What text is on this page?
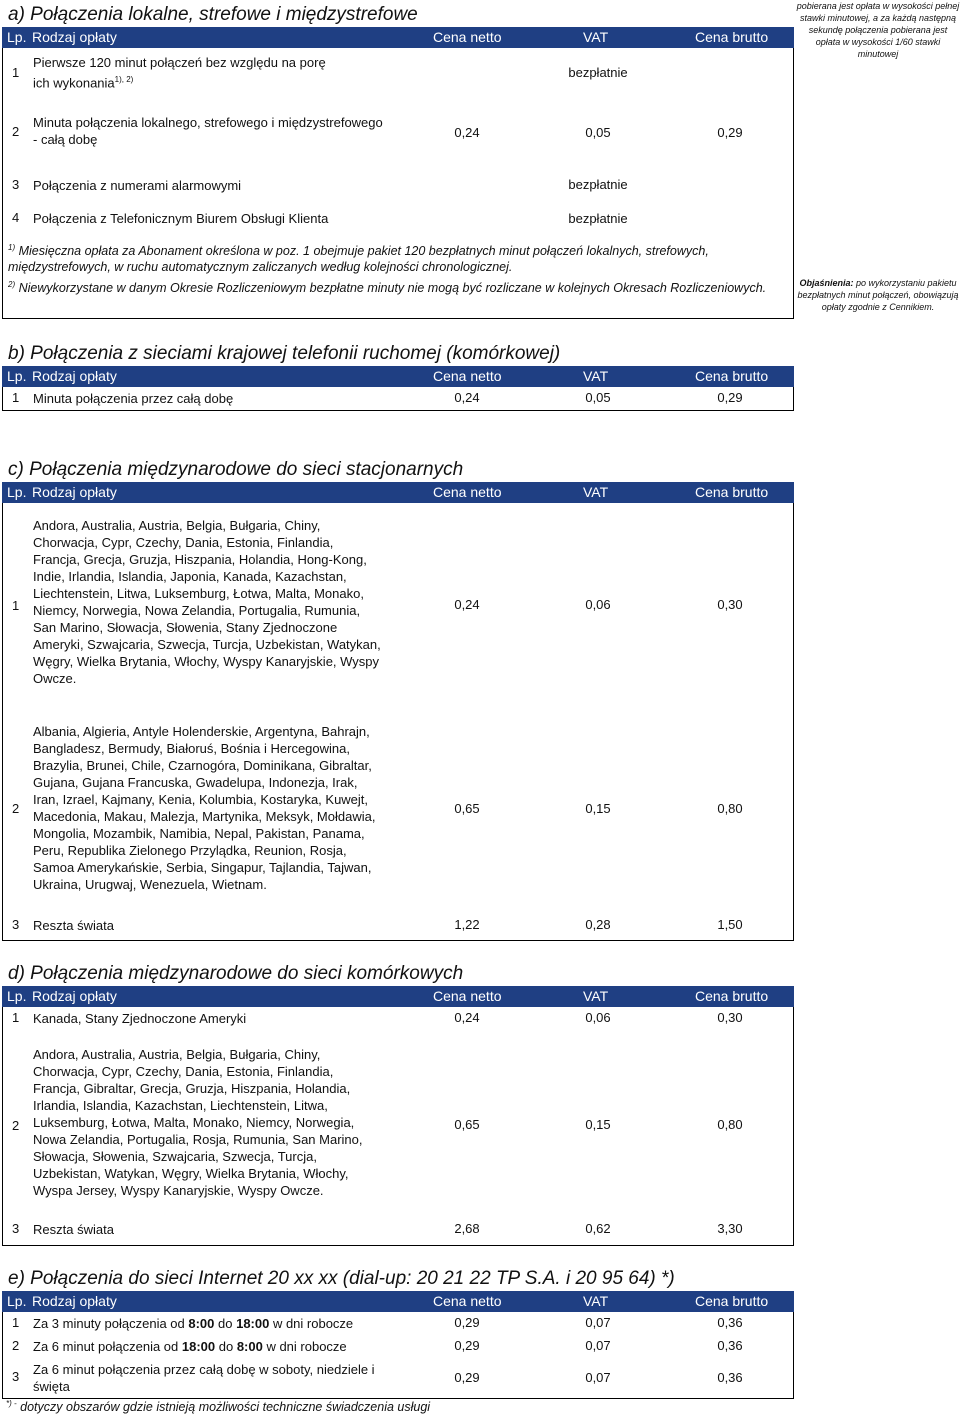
a) Połączenia lokalne, strefowe i międzystrefowe	pobierana jest opłata w wysokości pełnej stawki minutowej, a za każdą następną sekundę połączenia pobierana jest opłata w wysokości 1/60 stawki minutowej
Lp. Rodzaj opłaty	Cena netto	VAT	Cena brutto
1
Pierwsze 120 minut połączeń bez względu na porę
ich wykonania$^{1), 2)}$	bezpłatnie
2
Minuta połączenia lokalnego, strefowego i międzystrefowego
- całą dobę	0,24	0,05	0,29
3 Połączenia z numerami alarmowymi	bezpłatnie
4 Połączenia z Telefonicznym Biurem Obsługi Klienta	bezpłatnie
$^{1)}$ Miesięczna opłata za Abonament określona w poz. 1 obejmuje pakiet 120 bezpłatnych minut połączeń lokalnych, strefowych, międzystrefowych, w ruchu automatycznym zaliczanych według kolejności chronologicznej.
$^{2)}$ Niewykorzystane w danym Okresie Rozliczeniowym bezpłatne minuty nie mogą być rozliczane w kolejnych Okresach Rozliczeniowych.	Objaśnienia: po wykorzystaniu pakietu bezpłatnych minut połączeń, obowiązują opłaty zgodnie z Cennikiem.
b) Połączenia z sieciami krajowej telefonii ruchomej (komórkowej)
Lp. Rodzaj opłaty	Cena netto	VAT	Cena brutto
1 Minuta połączenia przez całą dobę	0,24	0,05	0,29
c) Połączenia międzynarodowe do sieci stacjonarnych
Lp. Rodzaj opłaty	Cena netto	VAT	Cena brutto
1
Andora, Australia, Austria, Belgia, Bułgaria, Chiny,
Chorwacja, Cypr, Czechy, Dania, Estonia, Finlandia,
Francja, Grecja, Gruzja, Hiszpania, Holandia, Hong-Kong,
Indie, Irlandia, Islandia, Japonia, Kanada, Kazachstan,
Liechtenstein, Litwa, Luksemburg, Łotwa, Malta, Monako,
Niemcy, Norwegia, Nowa Zelandia, Portugalia, Rumunia,
San Marino, Słowacja, Słowenia, Stany Zjednoczone
Ameryki, Szwajcaria, Szwecja, Turcja, Uzbekistan, Watykan,
Węgry, Wielka Brytania, Włochy, Wyspy Kanaryjskie, Wyspy
Owcze.
0,24	0,06	0,30
2
Albania, Algieria, Antyle Holenderskie, Argentyna, Bahrajn,
Bangladesz, Bermudy, Białoruś, Bośnia i Hercegowina,
Brazylia, Brunei, Chile, Czarnogóra, Dominikana, Gibraltar,
Gujana, Gujana Francuska, Gwadelupa, Indonezja, Irak,
Iran, Izrael, Kajmany, Kenia, Kolumbia, Kostaryka, Kuwejt,
Macedonia, Makau, Malezja, Martynika, Meksyk, Mołdawia,
Mongolia, Mozambik, Namibia, Nepal, Pakistan, Panama,
Peru, Republika Zielonego Przylądka, Reunion, Rosja,
Samoa Amerykańskie, Serbia, Singapur, Tajlandia, Tajwan,
Ukraina, Urugwaj, Wenezuela, Wietnam.
0,65	0,15	0,80
3 Reszta świata	1,22	0,28	1,50
d) Połączenia międzynarodowe do sieci komórkowych
Lp. Rodzaj opłaty	Cena netto	VAT	Cena brutto
1 Kanada, Stany Zjednoczone Ameryki	0,24	0,06	0,30
2
Andora, Australia, Austria, Belgia, Bułgaria, Chiny,
Chorwacja, Cypr, Czechy, Dania, Estonia, Finlandia,
Francja, Gibraltar, Grecja, Gruzja, Hiszpania, Holandia,
Irlandia, Islandia, Kazachstan, Liechtenstein, Litwa,
Luksemburg, Łotwa, Malta, Monako, Niemcy, Norwegia,
Nowa Zelandia, Portugalia, Rosja, Rumunia, San Marino,
Słowacja, Słowenia, Szwajcaria, Szwecja, Turcja,
Uzbekistan, Watykan, Węgry, Wielka Brytania, Włochy,
Wyspa Jersey, Wyspy Kanaryjskie, Wyspy Owcze.
0,65	0,15	0,80
3 Reszta świata	2,68	0,62	3,30
e) Połączenia do sieci Internet 20 xx xx (dial-up: 20 21 22 TP S.A. i 20 95 64) *)
Lp. Rodzaj opłaty	Cena netto	VAT	Cena brutto
1 Za 3 minuty połączenia od 8:00 do 18:00 w dni robocze	0,29	0,07	0,36
2 Za 6 minut połączenia od 18:00 do 8:00 w dni robocze	0,29	0,07	0,36
3 Za 6 minut połączenia przez całą dobę w soboty, niedziele i
święta
0,29	0,07	0,36
*) - dotyczy obszarów gdzie istnieją możliwości techniczne świadczenia usługi
